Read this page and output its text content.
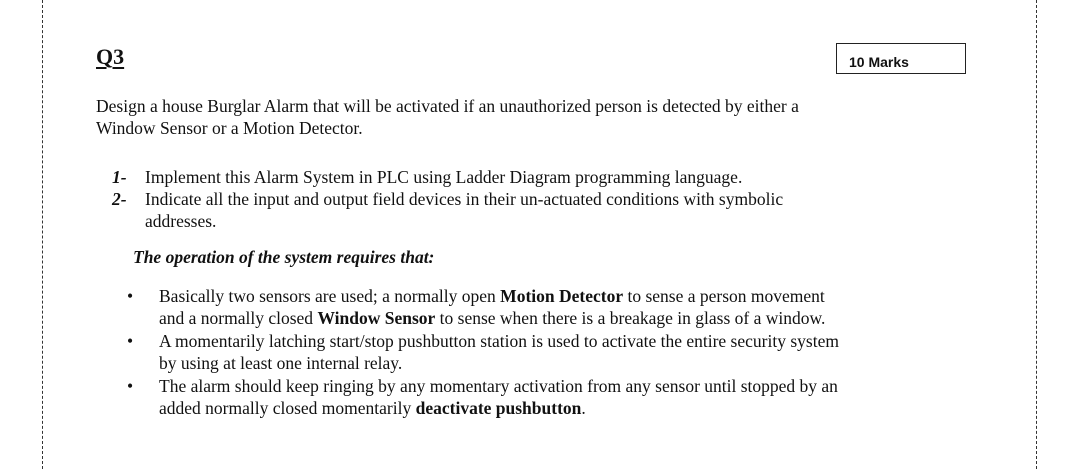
Q3	10 Marks
Design a house Burglar Alarm that will be activated if an unauthorized person is detected by either a
Window Sensor or a Motion Detector.
1- Implement this Alarm System in PLC using Ladder Diagram programming language.
2- Indicate all the input and output field devices in their un-actuated conditions with symbolic
addresses.
The operation of the system requires that:
• Basically two sensors are used; a normally open Motion Detector to sense a person movement
and a normally closed Window Sensor to sense when there is a breakage in glass of a window.
• A momentarily latching start/stop pushbutton station is used to activate the entire security system
by using at least one internal relay.
• The alarm should keep ringing by any momentary activation from any sensor until stopped by an
added normally closed momentarily deactivate pushbutton.
